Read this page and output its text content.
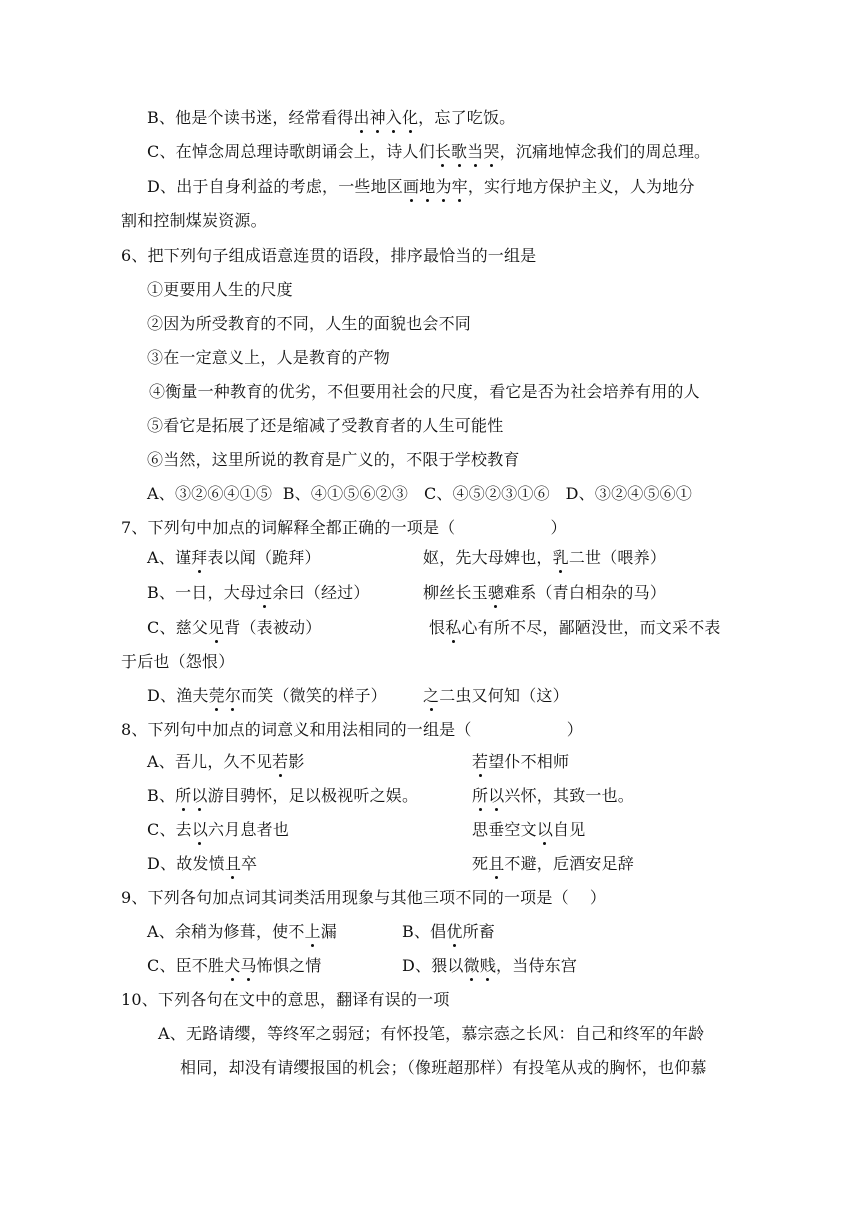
B、他是个读书迷，经常看得出神入化，忘了吃饭。
C、在悼念周总理诗歌朗诵会上，诗人们长歌当哭，沉痛地悼念我们的周总理。
D、出于自身利益的考虑，一些地区画地为牢，实行地方保护主义，人为地分
割和控制煤炭资源。
6、把下列句子组成语意连贯的语段，排序最恰当的一组是
①更要用人生的尺度
②因为所受教育的不同，人生的面貌也会不同
③在一定意义上，人是教育的产物
④衡量一种教育的优劣，不但要用社会的尺度，看它是否为社会培养有用的人
⑤看它是拓展了还是缩减了受教育者的人生可能性
⑥当然，这里所说的教育是广义的，不限于学校教育
A、③②⑥④①⑤  B、④①⑤⑥②③   C、④⑤②③①⑥   D、③②④⑤⑥①
7、下列句中加点的词解释全都正确的一项是（                  ）
A、谨拜表以闻（跪拜）	妪，先大母婢也，乳二世（喂养）
B、一日，大母过余曰（经过）	柳丝长玉骢难系（青白相杂的马）
C、慈父见背（表被动）	恨私心有所不尽，鄙陋没世，而文采不表
于后也（怨恨）
D、渔夫莞尔而笑（微笑的样子） 之二虫又何知（这）
8、下列句中加点的词意义和用法相同的一组是（                  ）
A、吾儿，久不见若影	若望仆不相师
B、所以游目骋怀，足以极视听之娱。	所以兴怀，其致一也。
C、去以六月息者也	思垂空文以自见
D、故发愤且卒	死且不避，卮酒安足辞
9、下列各句加点词其词类活用现象与其他三项不同的一项是（    ）
A、余稍为修葺，使不上漏	B、倡优所畜
C、臣不胜犬马怖惧之情	D、猥以微贱，当侍东宫
10、下列各句在文中的意思，翻译有误的一项
A、无路请缨，等终军之弱冠；有怀投笔，慕宗悫之长风：自己和终军的年龄
相同，却没有请缨报国的机会；（像班超那样）有投笔从戎的胸怀，也仰慕
